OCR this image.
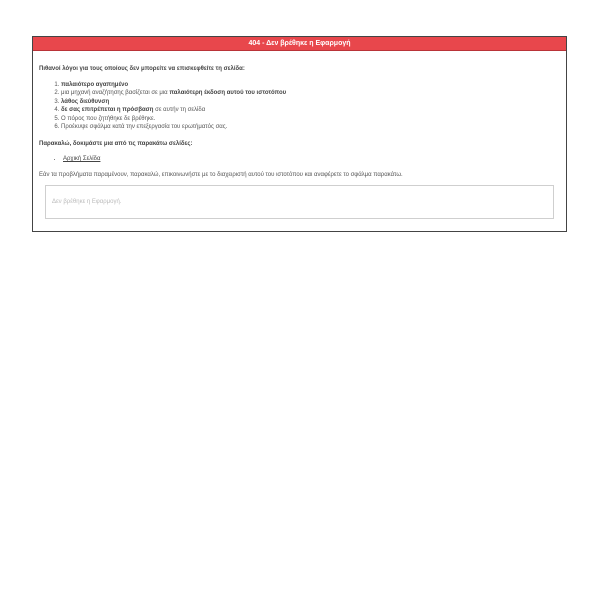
404 - Δεν βρέθηκε η Εφαρμογή
Πιθανοί λόγοι για τους οποίους δεν μπορείτε να επισκεφθείτε τη σελίδα:
1. παλαιότερο αγαπημένο
2. μια μηχανή αναζήτησης βασίζεται σε μια παλαιότερη έκδοση αυτού του ιστοτόπου
3. λάθος διεύθυνση
4. δε σας επιτρέπεται η πρόσβαση σε αυτήν τη σελίδα
5. Ο πόρος που ζητήθηκε δε βρέθηκε.
6. Προέκυψε σφάλμα κατά την επεξεργασία του ερωτήματός σας.
Παρακαλώ, δοκιμάστε μια από τις παρακάτω σελίδες:
• Αρχική Σελίδα
Εάν τα προβλήματα παραμένουν, παρακαλώ, επικοινωνήστε με το διαχειριστή αυτού του ιστοτόπου και αναφέρετε το σφάλμα παρακάτω.
Δεν βρέθηκε η Εφαρμογή.
